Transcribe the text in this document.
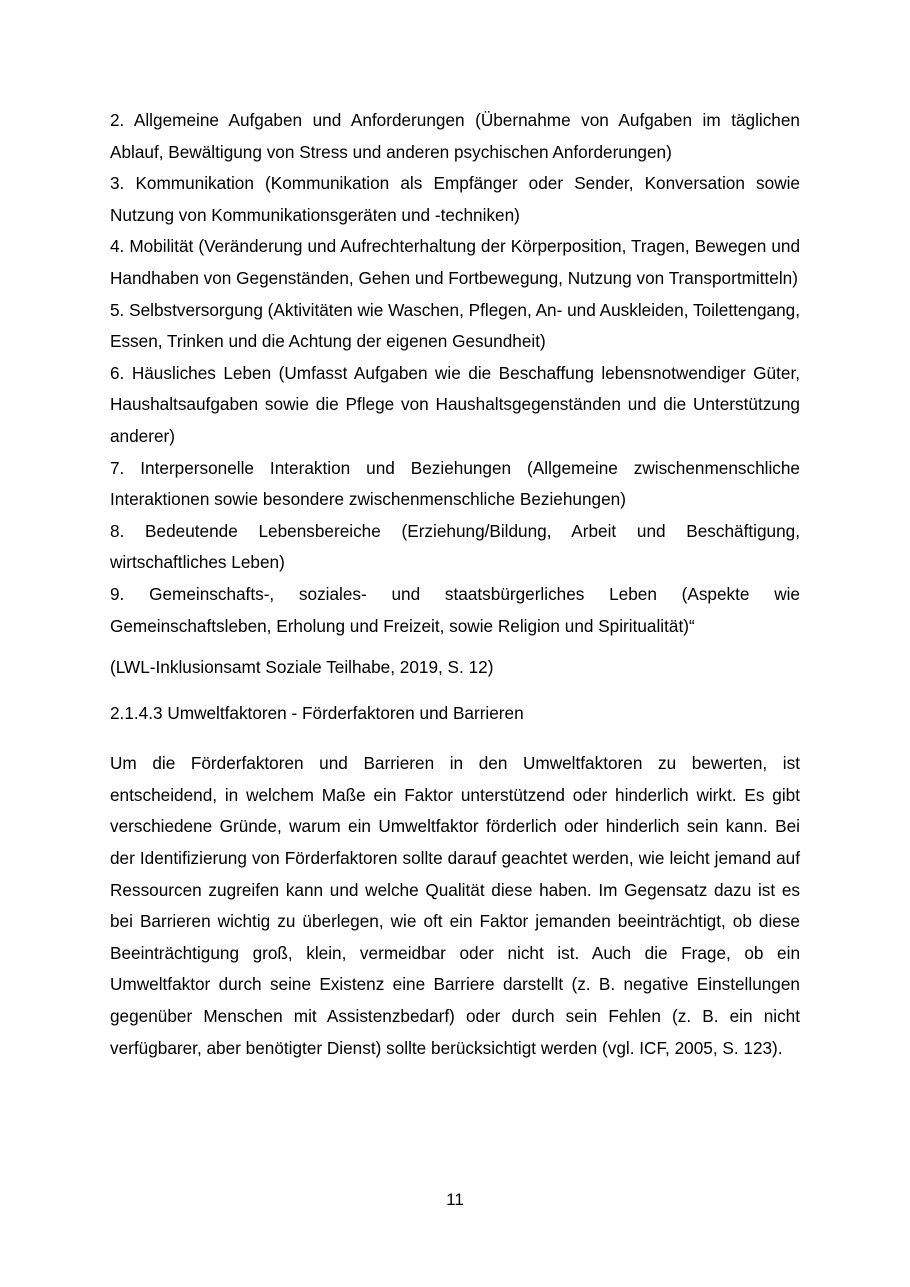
2. Allgemeine Aufgaben und Anforderungen (Übernahme von Aufgaben im täglichen Ablauf, Bewältigung von Stress und anderen psychischen Anforderungen)

3. Kommunikation (Kommunikation als Empfänger oder Sender, Konversation sowie Nutzung von Kommunikationsgeräten und -techniken)

4. Mobilität (Veränderung und Aufrechterhaltung der Körperposition, Tragen, Bewegen und Handhaben von Gegenständen, Gehen und Fortbewegung, Nutzung von Transportmitteln)

5. Selbstversorgung (Aktivitäten wie Waschen, Pflegen, An- und Auskleiden, Toilettengang, Essen, Trinken und die Achtung der eigenen Gesundheit)

6. Häusliches Leben (Umfasst Aufgaben wie die Beschaffung lebensnotwendiger Güter, Haushaltsaufgaben sowie die Pflege von Haushaltsgegenständen und die Unterstützung anderer)

7. Interpersonelle Interaktion und Beziehungen (Allgemeine zwischenmenschliche Interaktionen sowie besondere zwischenmenschliche Beziehungen)

8. Bedeutende Lebensbereiche (Erziehung/Bildung, Arbeit und Beschäftigung, wirtschaftliches Leben)

9. Gemeinschafts-, soziales- und staatsbürgerliches Leben (Aspekte wie Gemeinschaftsleben, Erholung und Freizeit, sowie Religion und Spiritualität)“

(LWL-Inklusionsamt Soziale Teilhabe, 2019, S. 12)

2.1.4.3 Umweltfaktoren - Förderfaktoren und Barrieren

Um die Förderfaktoren und Barrieren in den Umweltfaktoren zu bewerten, ist entscheidend, in welchem Maße ein Faktor unterstützend oder hinderlich wirkt. Es gibt verschiedene Gründe, warum ein Umweltfaktor förderlich oder hinderlich sein kann. Bei der Identifizierung von Förderfaktoren sollte darauf geachtet werden, wie leicht jemand auf Ressourcen zugreifen kann und welche Qualität diese haben. Im Gegensatz dazu ist es bei Barrieren wichtig zu überlegen, wie oft ein Faktor jemanden beeinträchtigt, ob diese Beeinträchtigung groß, klein, vermeidbar oder nicht ist. Auch die Frage, ob ein Umweltfaktor durch seine Existenz eine Barriere darstellt (z. B. negative Einstellungen gegenüber Menschen mit Assistenzbedarf) oder durch sein Fehlen (z. B. ein nicht verfügbarer, aber benötigter Dienst) sollte berücksichtigt werden (vgl. ICF, 2005, S. 123).

11
